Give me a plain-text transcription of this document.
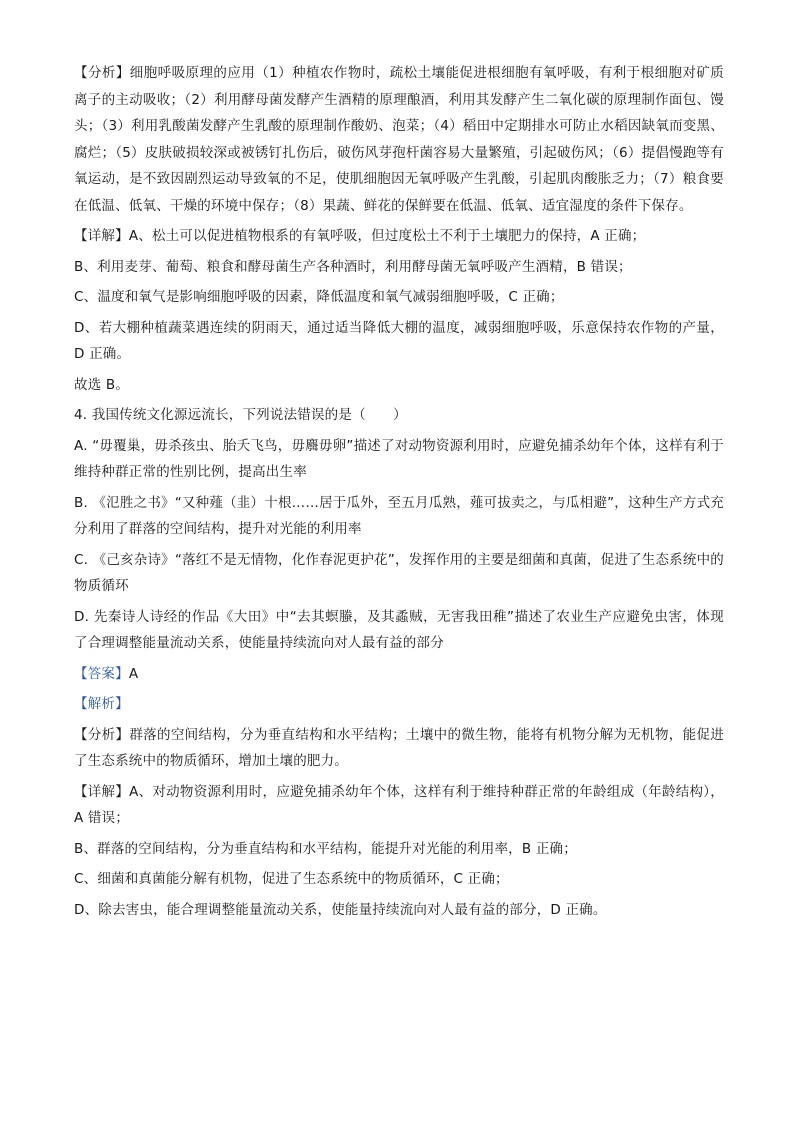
【分析】细胞呼吸原理的应用（1）种植农作物时，疏松土壤能促进根细胞有氧呼吸，有利于根细胞对矿质离子的主动吸收；（2）利用酵母菌发酵产生酒精的原理酿酒，利用其发酵产生二氧化碳的原理制作面包、馒头；（3）利用乳酸菌发酵产生乳酸的原理制作酸奶、泡菜；（4）稻田中定期排水可防止水稻因缺氧而变黑、腐烂；（5）皮肤破损较深或被锈钉扎伤后，破伤风芽孢杆菌容易大量繁殖，引起破伤风；（6）提倡慢跑等有氧运动，是不致因剧烈运动导致氧的不足，使肌细胞因无氧呼吸产生乳酸，引起肌肉酸胀乏力；（7）粮食要在低温、低氧、干燥的环境中保存；（8）果蔬、鲜花的保鲜要在低温、低氧、适宜湿度的条件下保存。

【详解】A、松土可以促进植物根系的有氧呼吸，但过度松土不利于土壤肥力的保持，A 正确；

B、利用麦芽、葡萄、粮食和酵母菌生产各种酒时，利用酵母菌无氧呼吸产生酒精，B 错误；

C、温度和氧气是影响细胞呼吸的因素，降低温度和氧气减弱细胞呼吸，C 正确；

D、若大棚种植蔬菜遇连续的阴雨天，通过适当降低大棚的温度，减弱细胞呼吸，乐意保持农作物的产量，D 正确。

故选 B。

4. 我国传统文化源远流长，下列说法错误的是（　　）

A. “毋覆巢，毋杀孩虫、胎夭飞鸟，毋麛毋卵”描述了对动物资源利用时，应避免捕杀幼年个体，这样有利于维持种群正常的性别比例，提高出生率

B. 《氾胜之书》“又种薤（韭）十根……居于瓜外，至五月瓜熟，薤可拔卖之，与瓜相避”，这种生产方式充分利用了群落的空间结构，提升对光能的利用率

C. 《己亥杂诗》“落红不是无情物，化作春泥更护花”，发挥作用的主要是细菌和真菌，促进了生态系统中的物质循环

D. 先秦诗人诗经的作品《大田》中“去其螟螣，及其蟊贼，无害我田稚”描述了农业生产应避免虫害，体现了合理调整能量流动关系，使能量持续流向对人最有益的部分

【答案】A

【解析】

【分析】群落的空间结构，分为垂直结构和水平结构；土壤中的微生物，能将有机物分解为无机物，能促进了生态系统中的物质循环，增加土壤的肥力。

【详解】A、对动物资源利用时，应避免捕杀幼年个体，这样有利于维持种群正常的年龄组成（年龄结构），A 错误；

B、群落的空间结构，分为垂直结构和水平结构，能提升对光能的利用率，B 正确；

C、细菌和真菌能分解有机物，促进了生态系统中的物质循环，C 正确；

D、除去害虫，能合理调整能量流动关系，使能量持续流向对人最有益的部分，D 正确。
